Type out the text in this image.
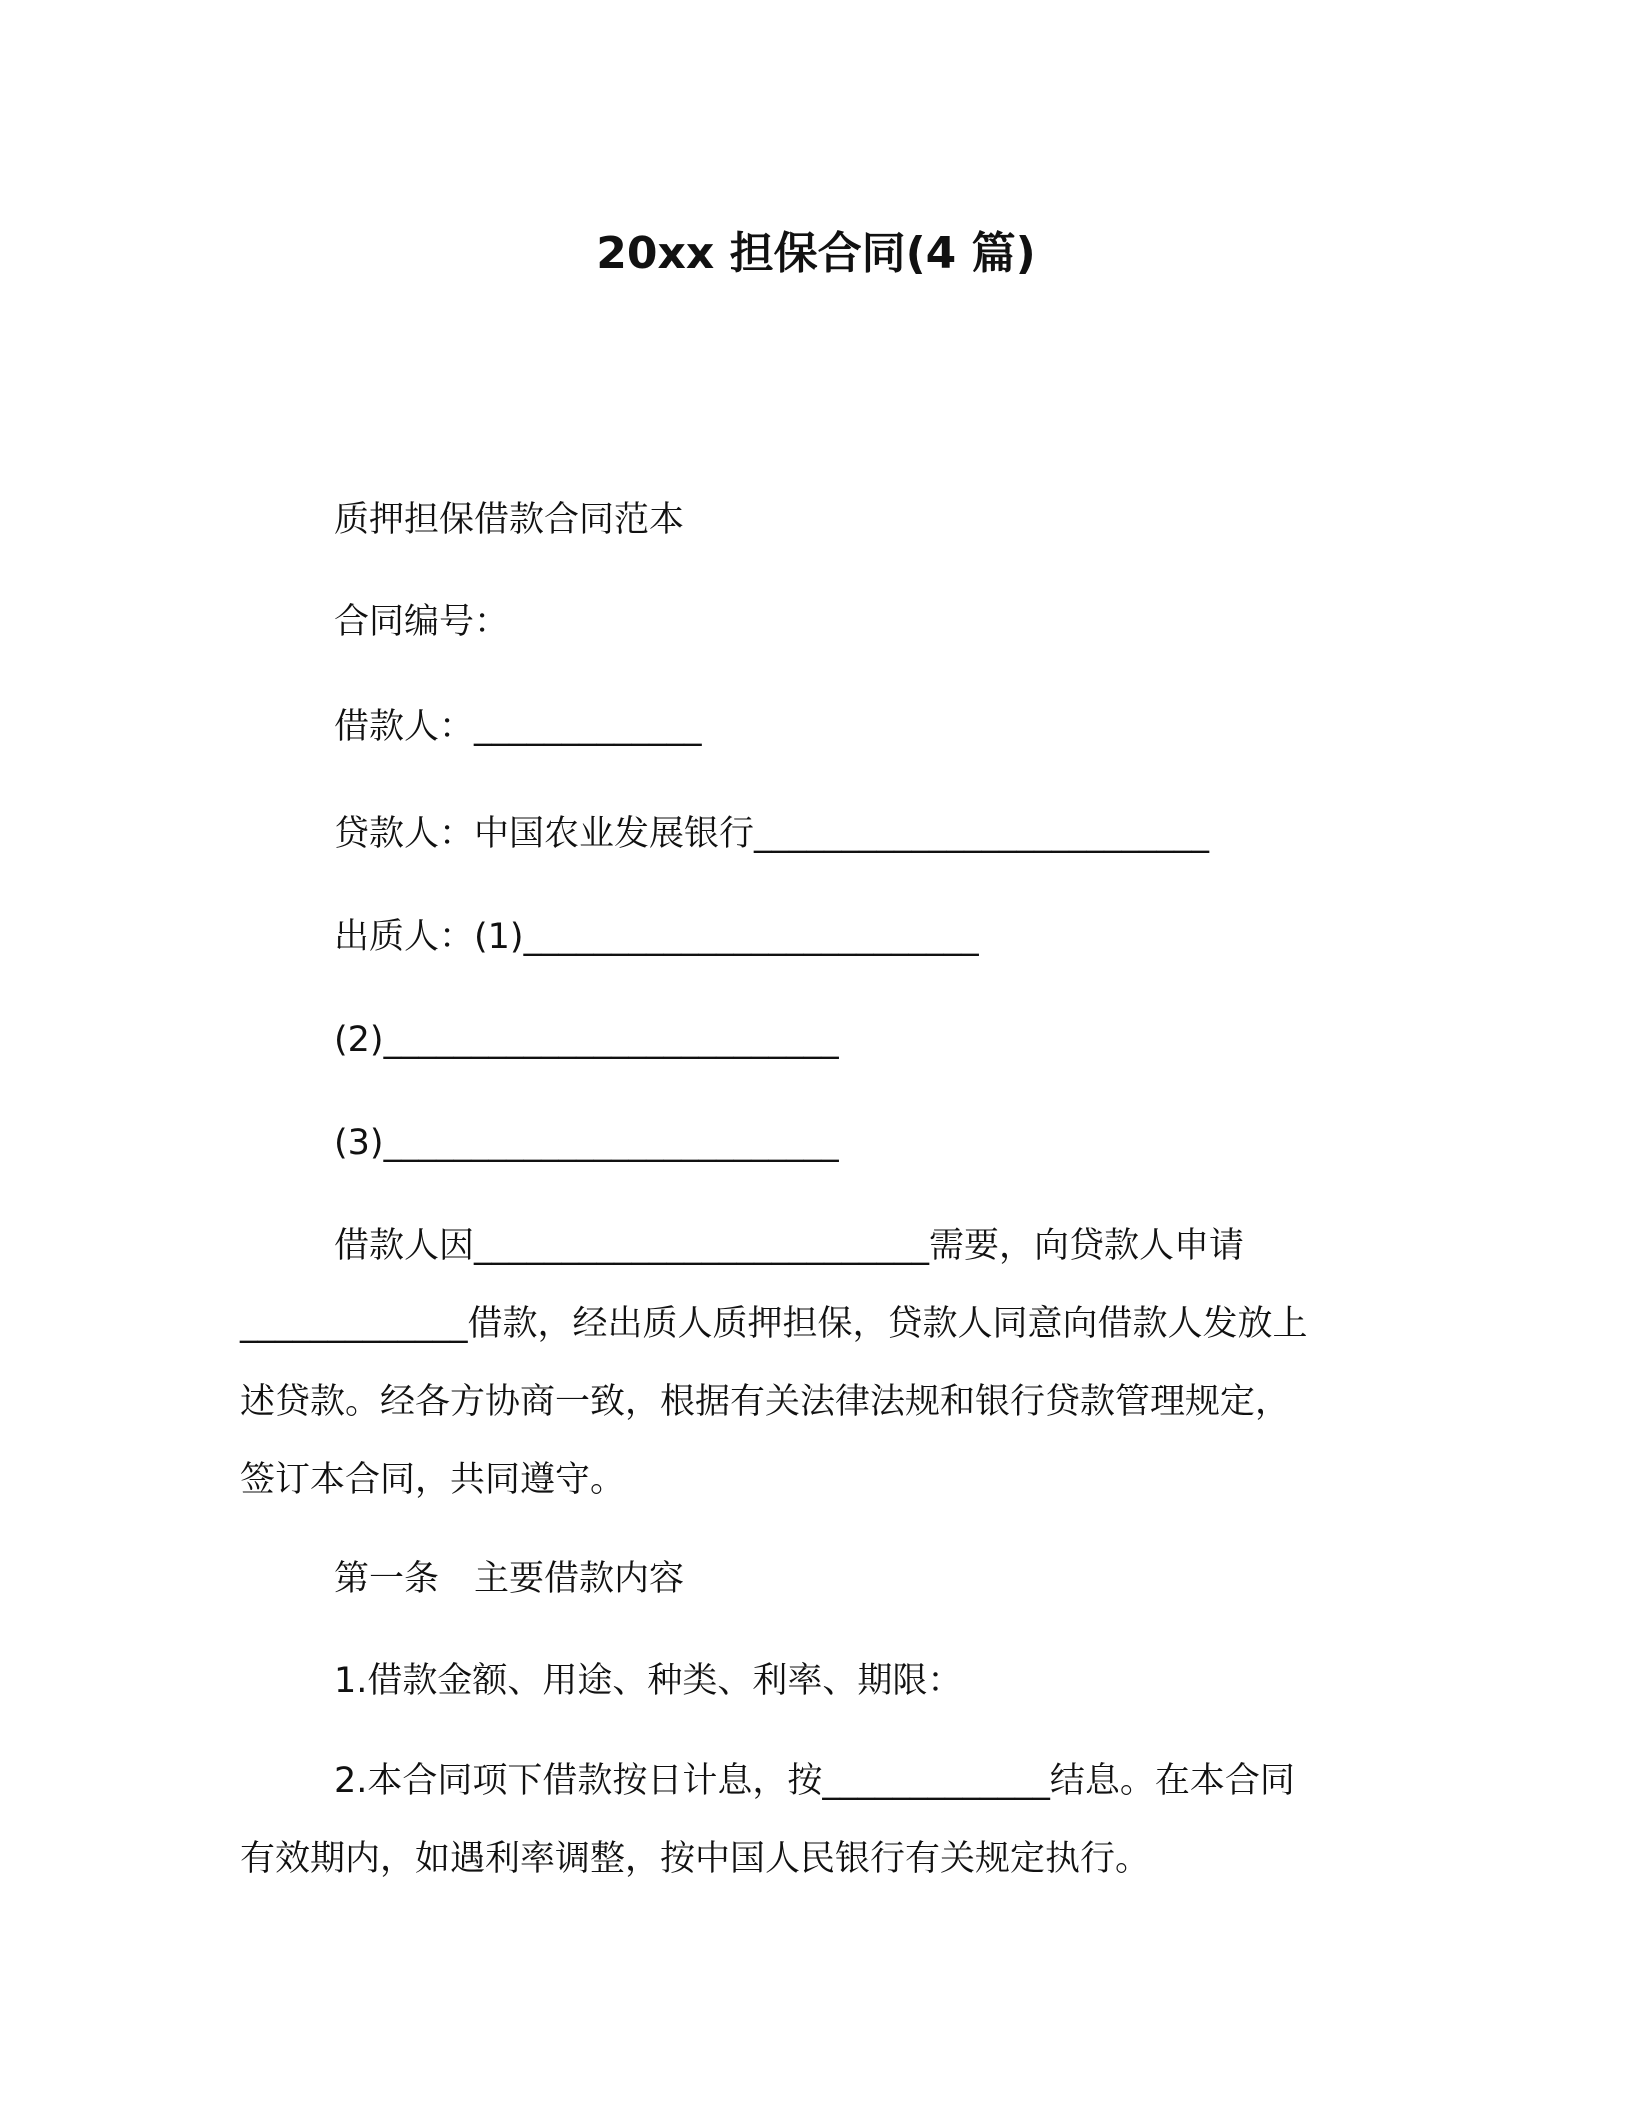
20xx 担保合同(4 篇)
质押担保借款合同范本
合同编号：
借款人：_____________
贷款人：中国农业发展银行__________________________
出质人：(1)__________________________
(2)__________________________
(3)__________________________
借款人因__________________________需要，向贷款人申请
_____________借款，经出质人质押担保，贷款人同意向借款人发放上
述贷款。经各方协商一致，根据有关法律法规和银行贷款管理规定，
签订本合同，共同遵守。
第一条　主要借款内容
1.借款金额、用途、种类、利率、期限：
2.本合同项下借款按日计息，按_____________结息。在本合同
有效期内，如遇利率调整，按中国人民银行有关规定执行。
